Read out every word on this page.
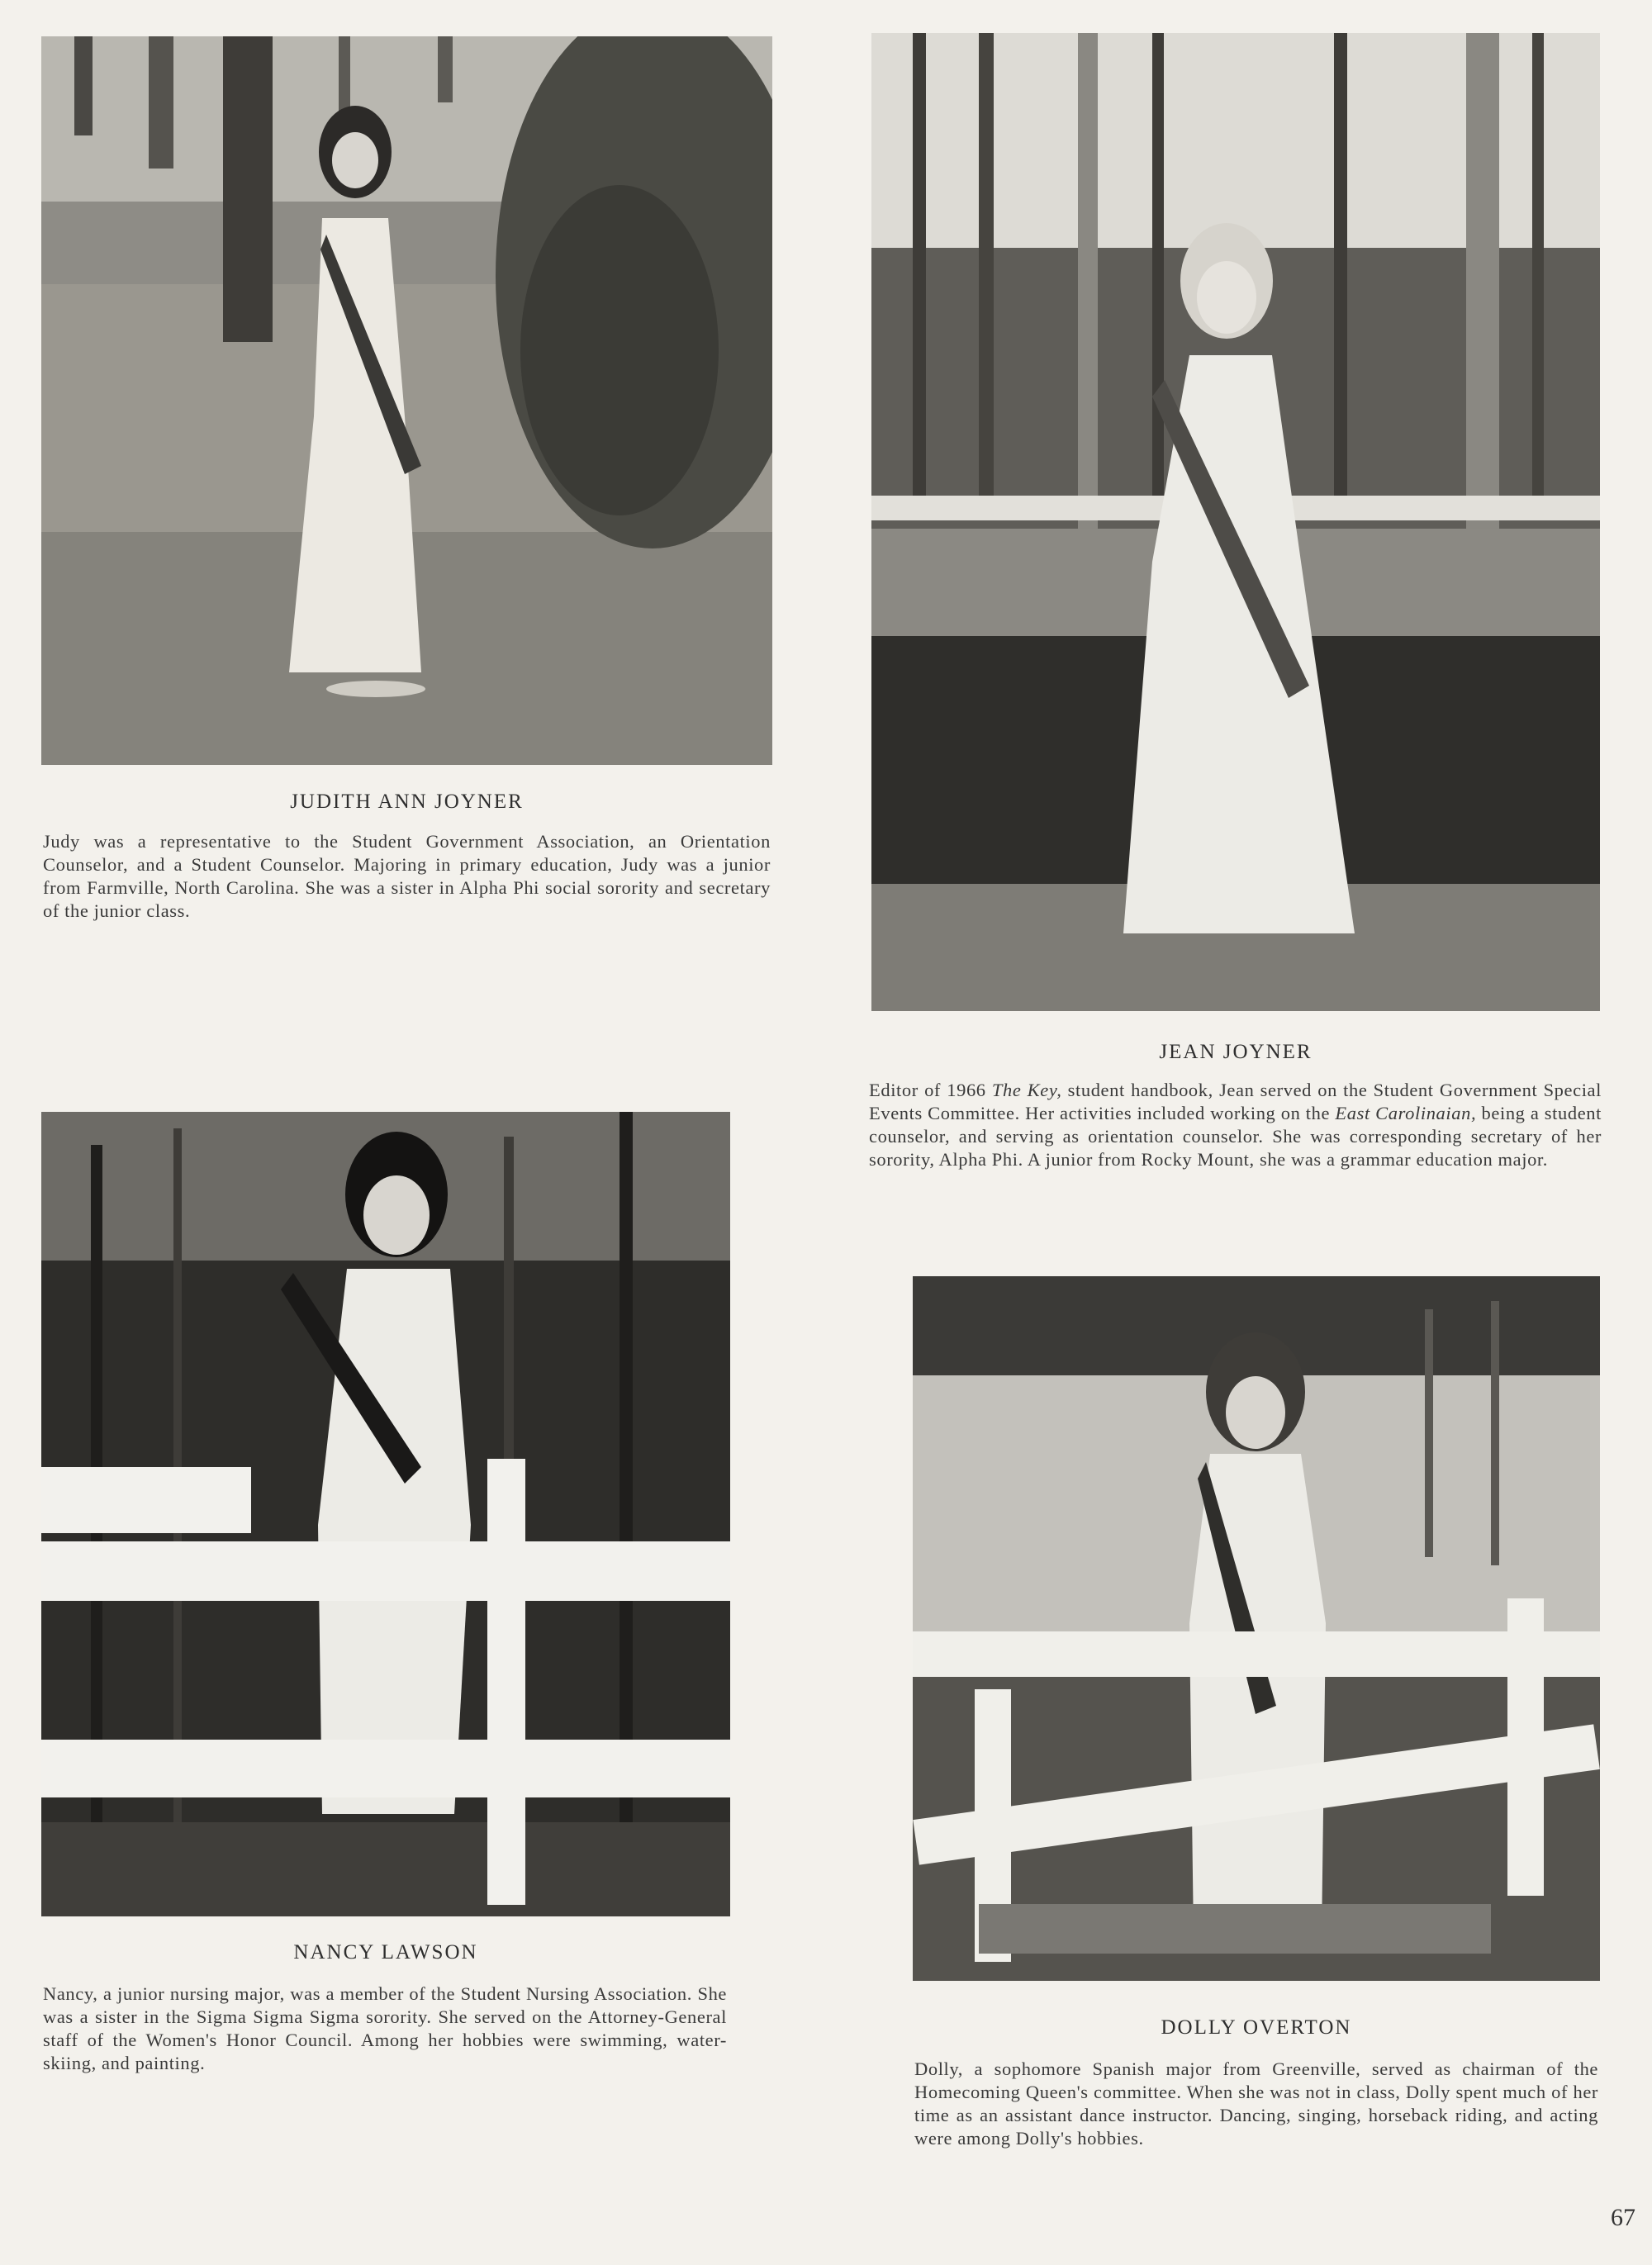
JUDITH ANN JOYNER
Judy was a representative to the Student Government Association, an Orientation Counselor, and a Student Counselor. Majoring in primary education, Judy was a junior from Farmville, North Carolina. She was a sister in Alpha Phi social sorority and secretary of the junior class.
JEAN JOYNER
Editor of 1966 The Key, student handbook, Jean served on the Student Government Special Events Committee. Her activities included working on the East Carolinaian, being a student counselor, and serving as orientation counselor. She was corresponding secretary of her sorority, Alpha Phi. A junior from Rocky Mount, she was a grammar education major.
NANCY LAWSON
Nancy, a junior nursing major, was a member of the Student Nursing Association. She was a sister in the Sigma Sigma Sigma sorority. She served on the Attorney-General staff of the Women's Honor Council. Among her hobbies were swimming, water-skiing, and painting.
DOLLY OVERTON
Dolly, a sophomore Spanish major from Greenville, served as chairman of the Homecoming Queen's committee. When she was not in class, Dolly spent much of her time as an assistant dance instructor. Dancing, singing, horseback riding, and acting were among Dolly's hobbies.
67
